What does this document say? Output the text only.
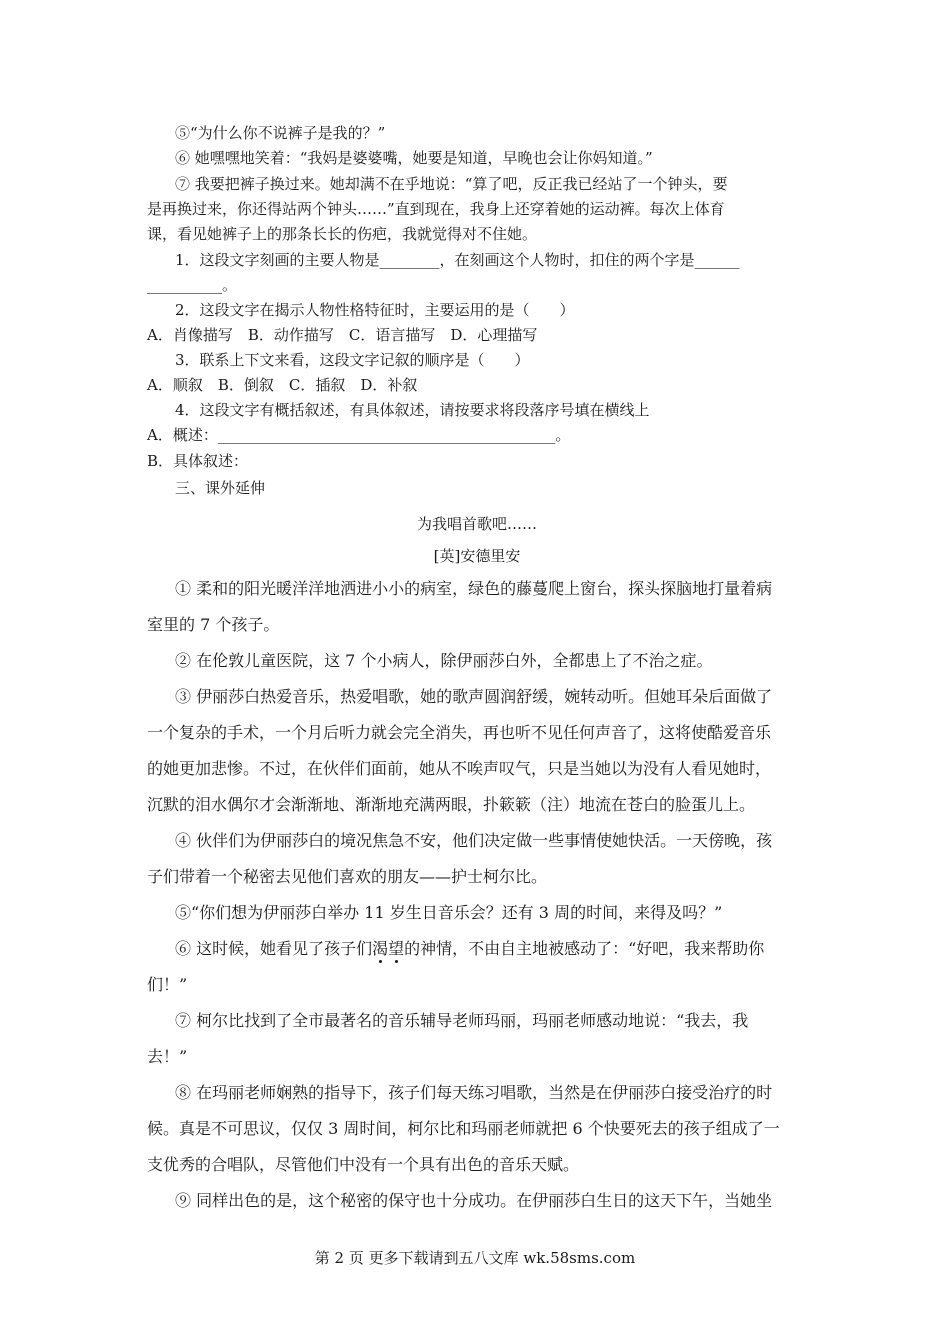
⑤“为什么你不说裤子是我的？”
⑥ 她嘿嘿地笑着：“我妈是婆婆嘴，她要是知道，早晚也会让你妈知道。”
⑦ 我要把裤子换过来。她却满不在乎地说：“算了吧，反正我已经站了一个钟头，要
是再换过来，你还得站两个钟头……”直到现在，我身上还穿着她的运动裤。每次上体育
课，看见她裤子上的那条长长的伤疤，我就觉得对不住她。
1．这段文字刻画的主要人物是________，在刻画这个人物时，扣住的两个字是______
__________。
2．这段文字在揭示人物性格特征时，主要运用的是（　　）
A．肖像描写　B．动作描写　C．语言描写　D．心理描写
3．联系上下文来看，这段文字记叙的顺序是（　　）
A．顺叙　B．倒叙　C．插叙　D．补叙
4．这段文字有概括叙述，有具体叙述，请按要求将段落序号填在横线上
A．概述：_____________________________________________。
B．具体叙述：
三、课外延伸
为我唱首歌吧……
[英]安德里安
① 柔和的阳光暖洋洋地洒进小小的病室，绿色的藤蔓爬上窗台，探头探脑地打量着病
室里的 7 个孩子。
② 在伦敦儿童医院，这 7 个小病人，除伊丽莎白外，全都患上了不治之症。
③ 伊丽莎白热爱音乐，热爱唱歌，她的歌声圆润舒缓，婉转动听。但她耳朵后面做了
一个复杂的手术，一个月后听力就会完全消失，再也听不见任何声音了，这将使酷爱音乐
的她更加悲惨。不过，在伙伴们面前，她从不唉声叹气，只是当她以为没有人看见她时，
沉默的泪水偶尔才会渐渐地、渐渐地充满两眼，扑簌簌（注）地流在苍白的脸蛋儿上。
④ 伙伴们为伊丽莎白的境况焦急不安，他们决定做一些事情使她快活。一天傍晚，孩
子们带着一个秘密去见他们喜欢的朋友——护士柯尔比。
⑤“你们想为伊丽莎白举办 11 岁生日音乐会？还有 3 周的时间，来得及吗？”
⑥ 这时候，她看见了孩子们渴望的神情，不由自主地被感动了：“好吧，我来帮助你
们！”
⑦ 柯尔比找到了全市最著名的音乐辅导老师玛丽，玛丽老师感动地说：“我去，我
去！”
⑧ 在玛丽老师娴熟的指导下，孩子们每天练习唱歌，当然是在伊丽莎白接受治疗的时
候。真是不可思议，仅仅 3 周时间，柯尔比和玛丽老师就把 6 个快要死去的孩子组成了一
支优秀的合唱队，尽管他们中没有一个具有出色的音乐天赋。
⑨ 同样出色的是，这个秘密的保守也十分成功。在伊丽莎白生日的这天下午，当她坐
第 2 页 更多下载请到五八文库 wk.58sms.com
